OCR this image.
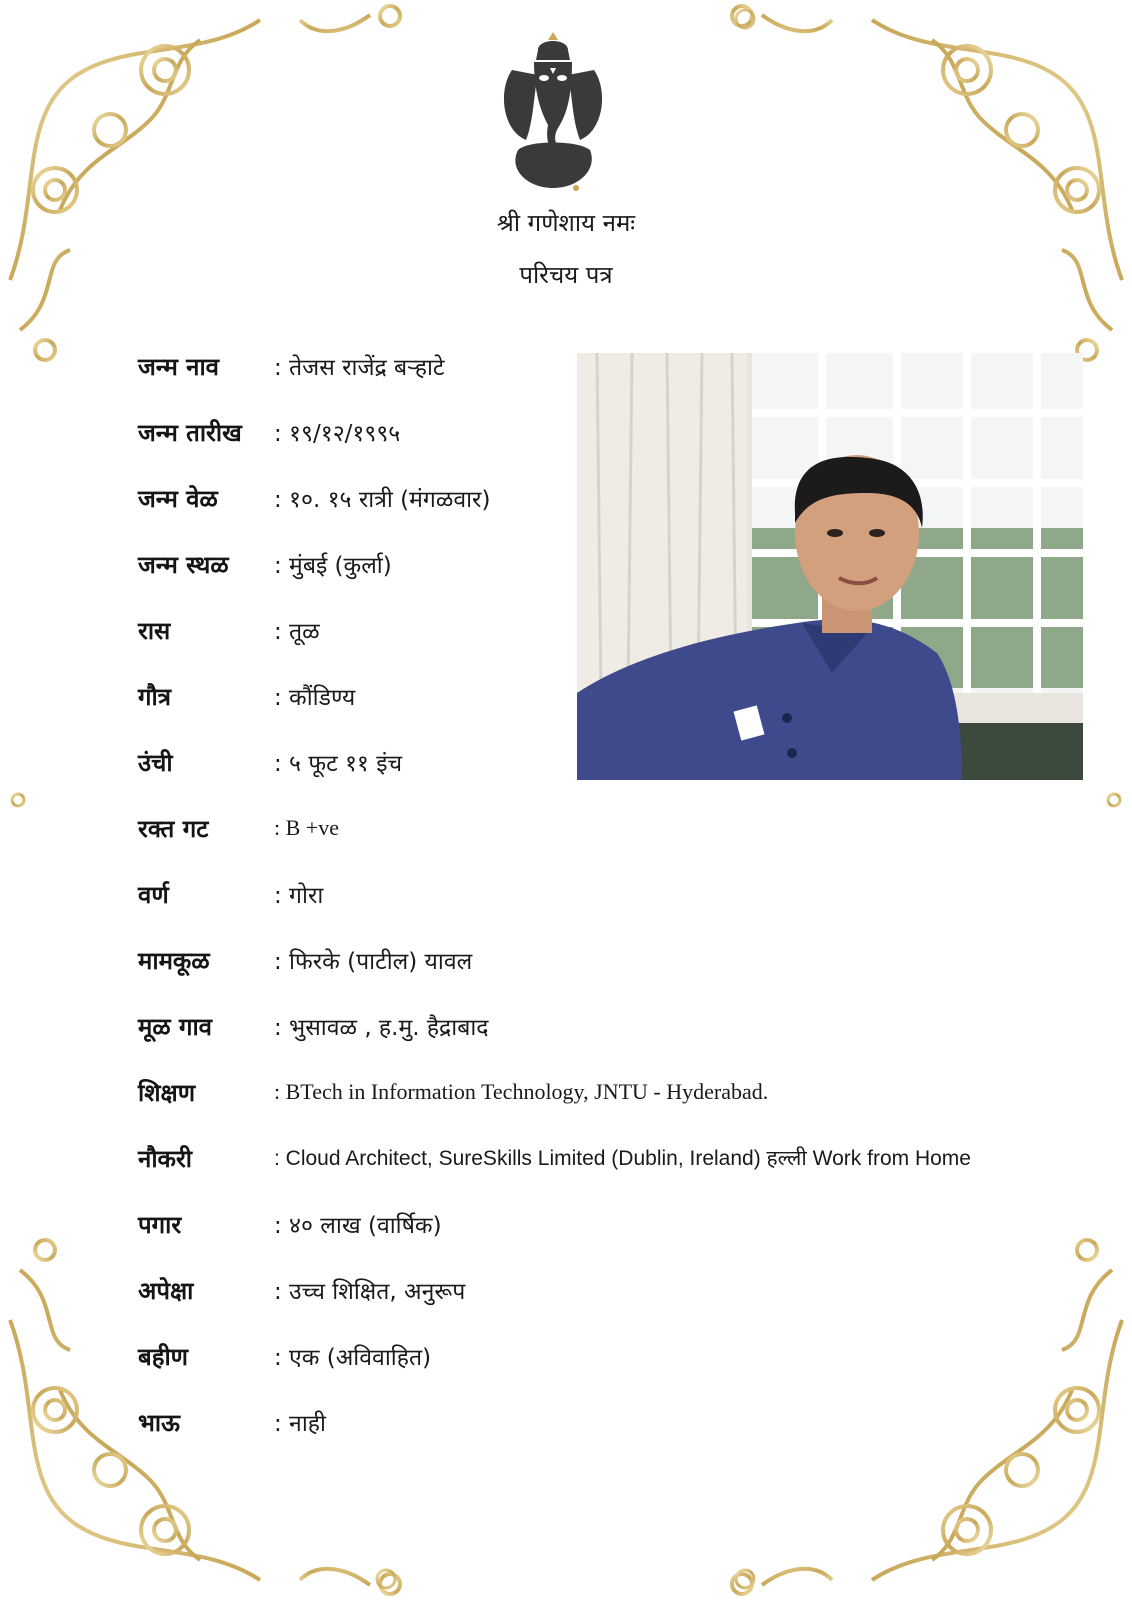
श्री गणेशाय नमः
परिचय पत्र
जन्म नाव	: तेजस राजेंद्र बऱ्हाटे
जन्म तारीख	: १९/१२/१९९५
जन्म वेळ	: १०. १५ रात्री (मंगळवार)
जन्म स्थळ	: मुंबई (कुर्ला)
रास	: तूळ
गौत्र	: कौंडिण्य
उंची	: ५ फूट ११ इंच
रक्त गट	: B +ve
वर्ण	: गोरा
मामकूळ	: फिरके (पाटील) यावल
मूळ गाव	: भुसावळ , ह.मु. हैद्राबाद
शिक्षण	: BTech in Information Technology, JNTU - Hyderabad.
नौकरी	: Cloud Architect, SureSkills Limited (Dublin, Ireland) हल्ली Work from Home
पगार	: ४० लाख (वार्षिक)
अपेक्षा	: उच्च शिक्षित, अनुरूप
बहीण	: एक (अविवाहित)
भाऊ	: नाही
